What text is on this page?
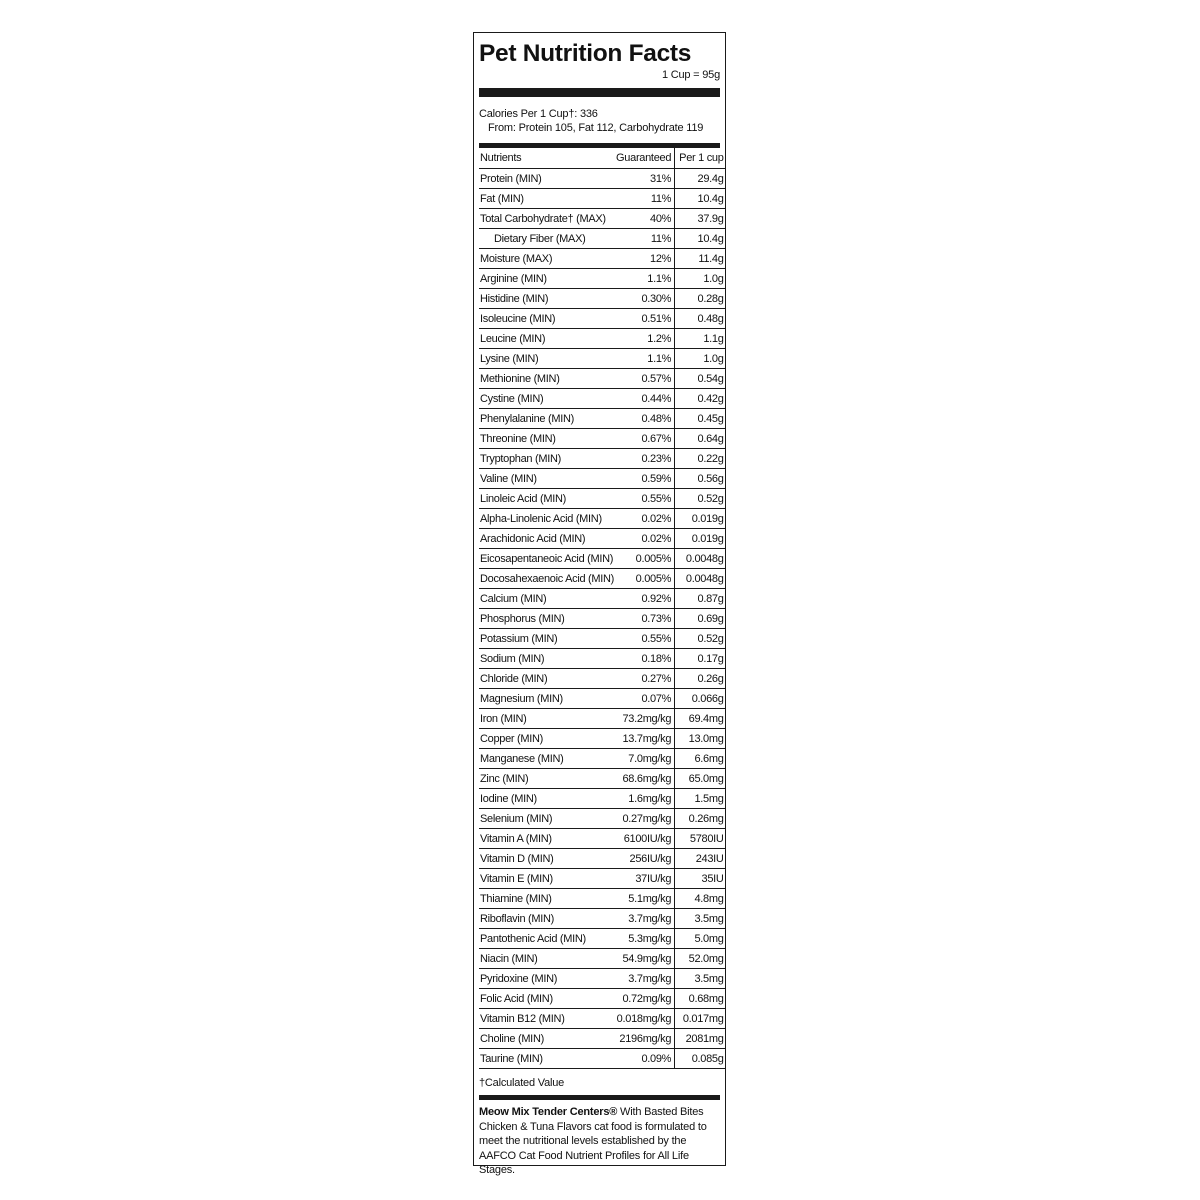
Pet Nutrition Facts
1 Cup = 95g
Calories Per 1 Cup†: 336
From: Protein 105, Fat 112, Carbohydrate 119
Nutrients	Guaranteed	Per 1 cup
Protein (MIN)	31%	29.4g
Fat (MIN)	11%	10.4g
Total Carbohydrate† (MAX)	40%	37.9g
Dietary Fiber (MAX)	11%	10.4g
Moisture (MAX)	12%	11.4g
Arginine (MIN)	1.1%	1.0g
Histidine (MIN)	0.30%	0.28g
Isoleucine (MIN)	0.51%	0.48g
Leucine (MIN)	1.2%	1.1g
Lysine (MIN)	1.1%	1.0g
Methionine (MIN)	0.57%	0.54g
Cystine (MIN)	0.44%	0.42g
Phenylalanine (MIN)	0.48%	0.45g
Threonine (MIN)	0.67%	0.64g
Tryptophan (MIN)	0.23%	0.22g
Valine (MIN)	0.59%	0.56g
Linoleic Acid (MIN)	0.55%	0.52g
Alpha-Linolenic Acid (MIN)	0.02%	0.019g
Arachidonic Acid (MIN)	0.02%	0.019g
Eicosapentaneoic Acid (MIN)	0.005%	0.0048g
Docosahexaenoic Acid (MIN)	0.005%	0.0048g
Calcium (MIN)	0.92%	0.87g
Phosphorus (MIN)	0.73%	0.69g
Potassium (MIN)	0.55%	0.52g
Sodium (MIN)	0.18%	0.17g
Chloride (MIN)	0.27%	0.26g
Magnesium (MIN)	0.07%	0.066g
Iron (MIN)	73.2mg/kg	69.4mg
Copper (MIN)	13.7mg/kg	13.0mg
Manganese (MIN)	7.0mg/kg	6.6mg
Zinc (MIN)	68.6mg/kg	65.0mg
Iodine (MIN)	1.6mg/kg	1.5mg
Selenium (MIN)	0.27mg/kg	0.26mg
Vitamin A (MIN)	6100IU/kg	5780IU
Vitamin D (MIN)	256IU/kg	243IU
Vitamin E (MIN)	37IU/kg	35IU
Thiamine (MIN)	5.1mg/kg	4.8mg
Riboflavin (MIN)	3.7mg/kg	3.5mg
Pantothenic Acid (MIN)	5.3mg/kg	5.0mg
Niacin (MIN)	54.9mg/kg	52.0mg
Pyridoxine (MIN)	3.7mg/kg	3.5mg
Folic Acid (MIN)	0.72mg/kg	0.68mg
Vitamin B12 (MIN)	0.018mg/kg	0.017mg
Choline (MIN)	2196mg/kg	2081mg
Taurine (MIN)	0.09%	0.085g
†Calculated Value
Meow Mix Tender Centers® With Basted Bites Chicken & Tuna Flavors cat food is formulated to meet the nutritional levels established by the AAFCO Cat Food Nutrient Profiles for All Life Stages.
